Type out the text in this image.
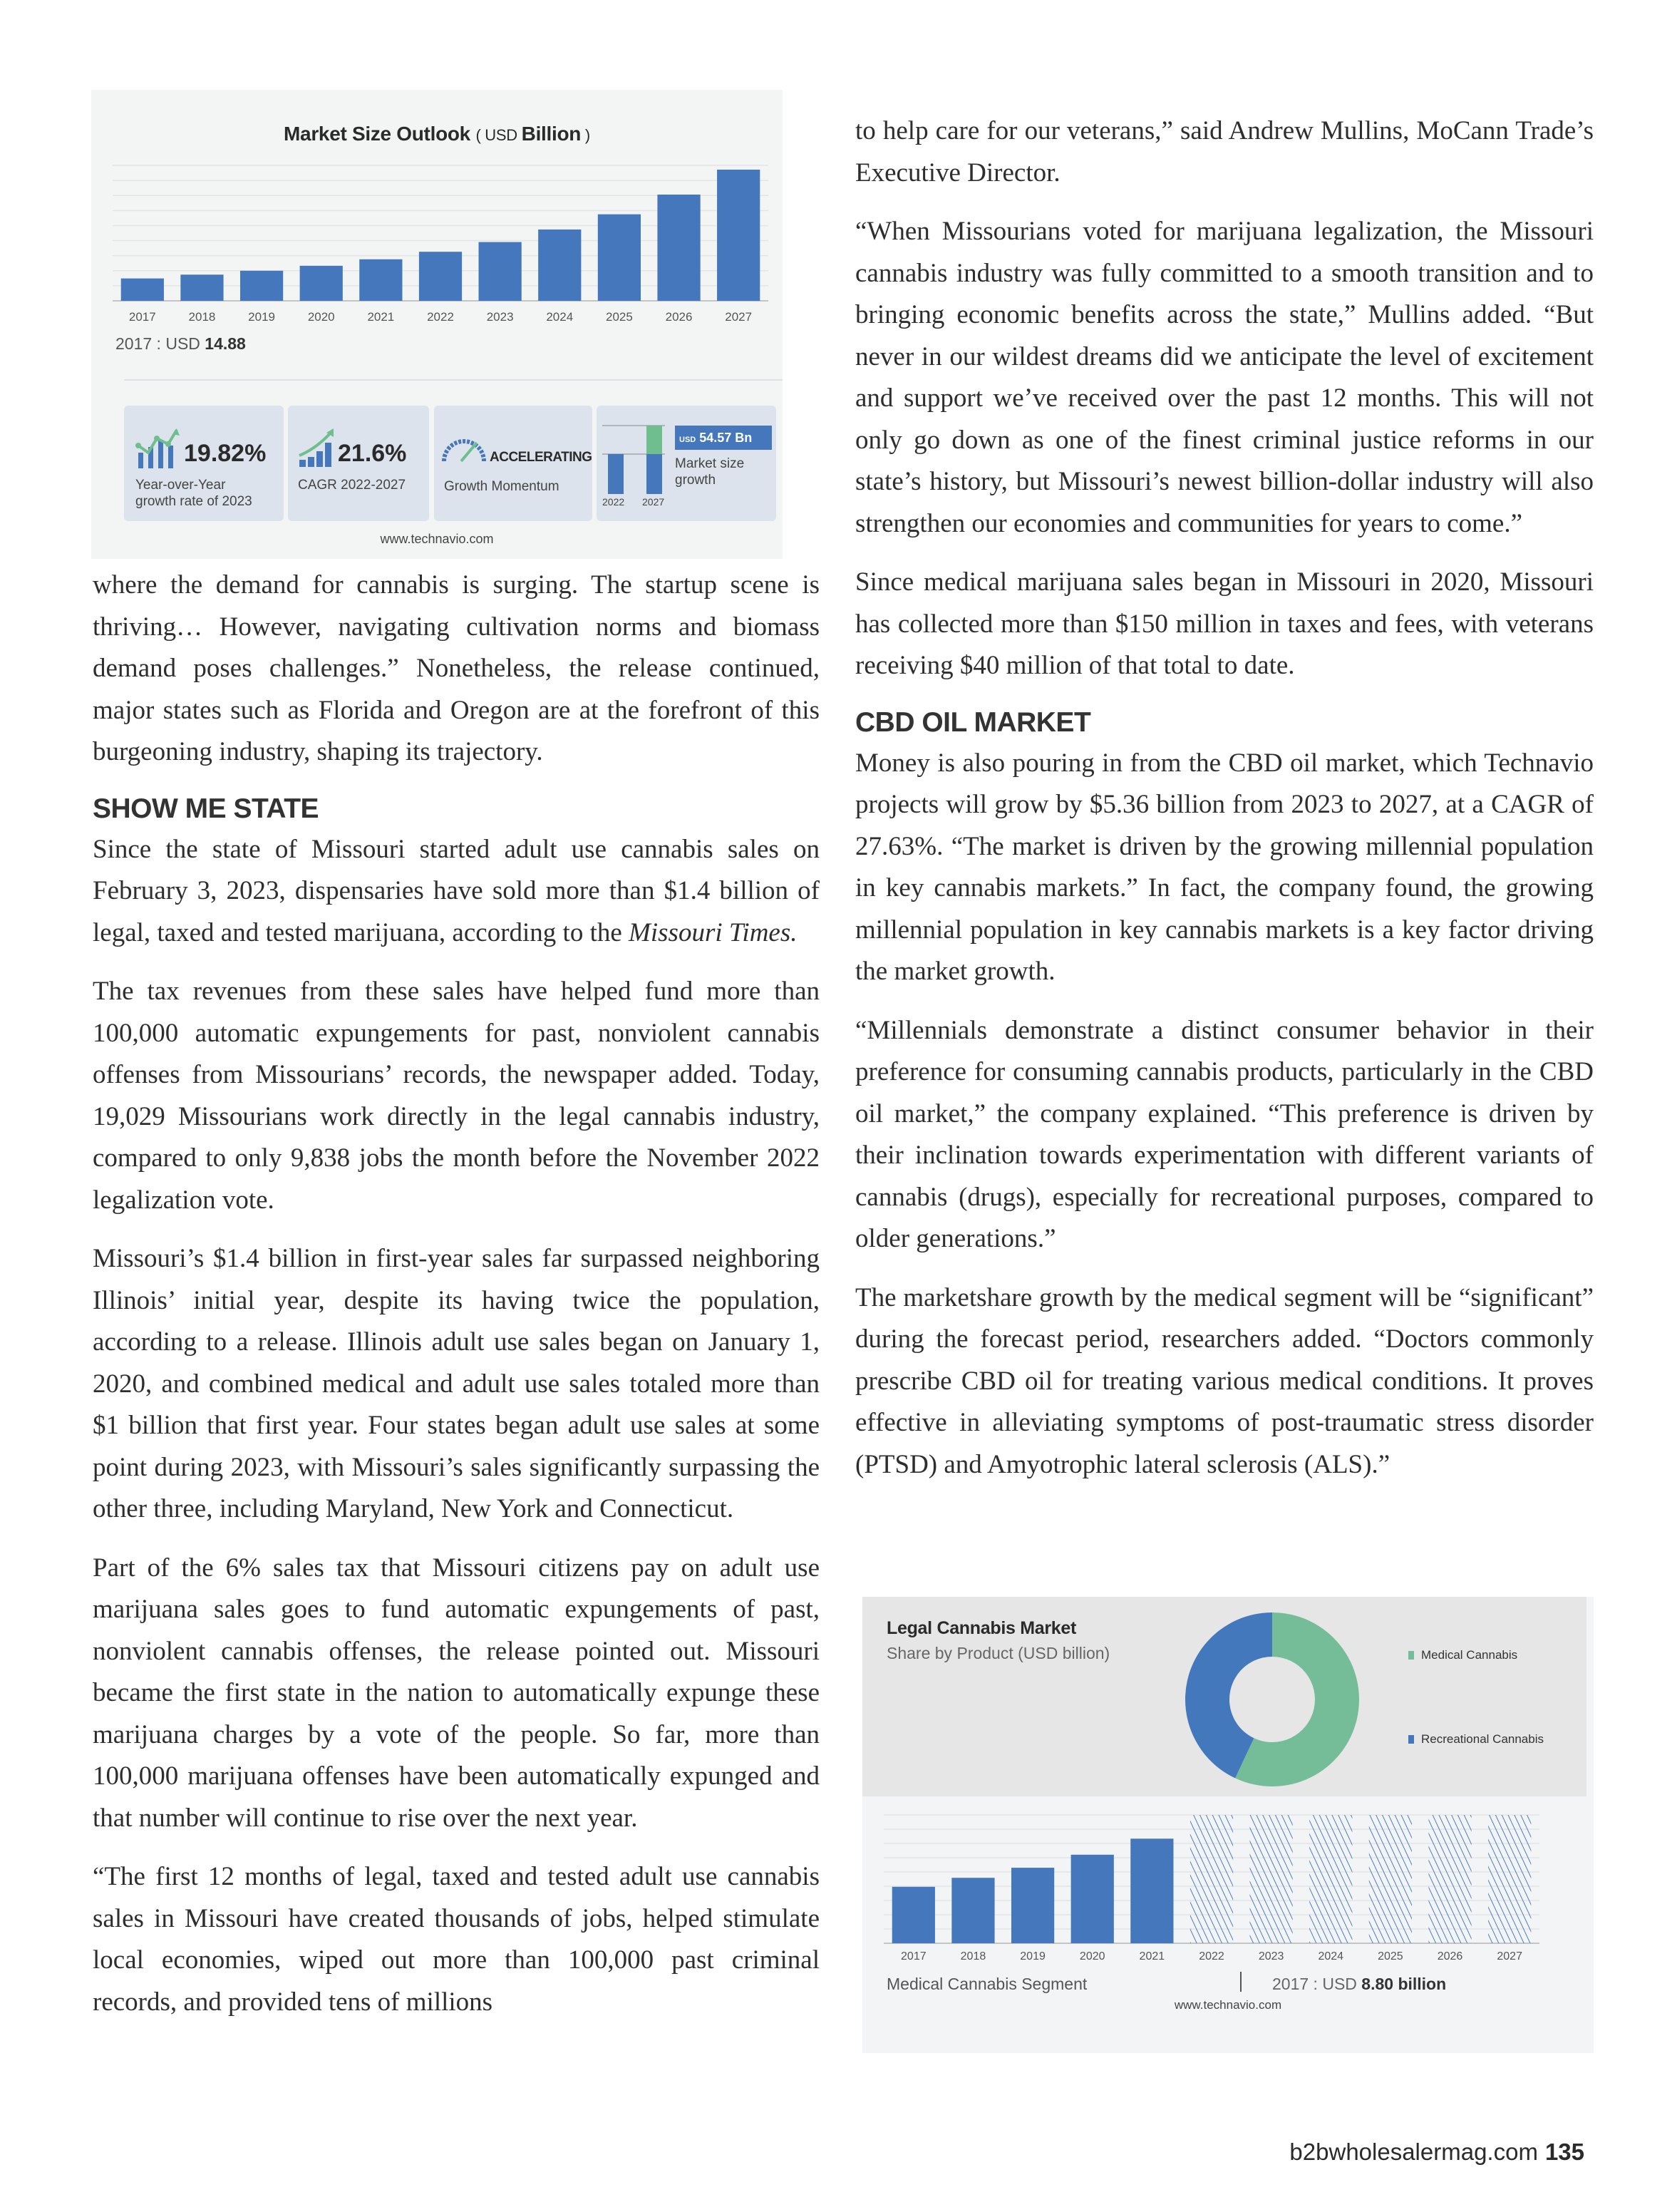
Market Size Outlook ( USD Billion )
2017	2018	2019	2020	2021	2022	2023	2024	2025	2026	2027
2017 : USD 14.88
19.82%
Year-over-Year
growth rate of 2023
21.6%
CAGR 2022-2027
ACCELERATING
Growth Momentum
2022 2027
USD 54.57 Bn
Market size
growth
www.technavio.com

where the demand for cannabis is surging. The startup scene is thriving… However, navigating cultivation norms and biomass demand poses challenges.” Nonetheless, the release continued, major states such as Florida and Oregon are at the forefront of this burgeoning industry, shaping its trajectory.

SHOW ME STATE

Since the state of Missouri started adult use cannabis sales on February 3, 2023, dispensaries have sold more than $1.4 billion of legal, taxed and tested marijuana, according to the Missouri Times.

The tax revenues from these sales have helped fund more than 100,000 automatic expungements for past, nonviolent cannabis offenses from Missourians’ records, the newspaper added. Today, 19,029 Missourians work directly in the legal cannabis industry, compared to only 9,838 jobs the month before the November 2022 legalization vote.

Missouri’s $1.4 billion in first-year sales far surpassed neighboring Illinois’ initial year, despite its having twice the population, according to a release. Illinois adult use sales began on January 1, 2020, and combined medical and adult use sales totaled more than $1 billion that first year. Four states began adult use sales at some point during 2023, with Missouri’s sales significantly surpassing the other three, including Maryland, New York and Connecticut.

Part of the 6% sales tax that Missouri citizens pay on adult use marijuana sales goes to fund automatic expungements of past, nonviolent cannabis offenses, the release pointed out. Missouri became the first state in the nation to automatically expunge these marijuana charges by a vote of the people. So far, more than 100,000 marijuana offenses have been automatically expunged and that number will continue to rise over the next year.

“The first 12 months of legal, taxed and tested adult use cannabis sales in Missouri have created thousands of jobs, helped stimulate local economies, wiped out more than 100,000 past criminal records, and provided tens of millions

to help care for our veterans,” said Andrew Mullins, MoCann Trade’s Executive Director.

“When Missourians voted for marijuana legalization, the Missouri cannabis industry was fully committed to a smooth transition and to bringing economic benefits across the state,” Mullins added. “But never in our wildest dreams did we anticipate the level of excitement and support we’ve received over the past 12 months. This will not only go down as one of the finest criminal justice reforms in our state’s history, but Missouri’s newest billion-dollar industry will also strengthen our economies and communities for years to come.”

Since medical marijuana sales began in Missouri in 2020, Missouri has collected more than $150 million in taxes and fees, with veterans receiving $40 million of that total to date.

CBD OIL MARKET

Money is also pouring in from the CBD oil market, which Technavio projects will grow by $5.36 billion from 2023 to 2027, at a CAGR of 27.63%. “The market is driven by the growing millennial population in key cannabis markets.” In fact, the company found, the growing millennial population in key cannabis markets is a key factor driving the market growth.

“Millennials demonstrate a distinct consumer behavior in their preference for consuming cannabis products, particularly in the CBD oil market,” the company explained. “This preference is driven by their inclination towards experimentation with different variants of cannabis (drugs), especially for recreational purposes, compared to older generations.”

The marketshare growth by the medical segment will be “significant” during the forecast period, researchers added. “Doctors commonly prescribe CBD oil for treating various medical conditions. It proves effective in alleviating symptoms of post-traumatic stress disorder (PTSD) and Amyotrophic lateral sclerosis (ALS).”

Legal Cannabis Market
Share by Product (USD billion)	Medical Cannabis
Recreational Cannabis
Medical Cannabis Segment	2017 : USD 8.80 billion
www.technavio.com
2017	2018	2019	2020	2021	2022	2023	2024	2025	2026	2027
b2bwholesalermag.com 135
